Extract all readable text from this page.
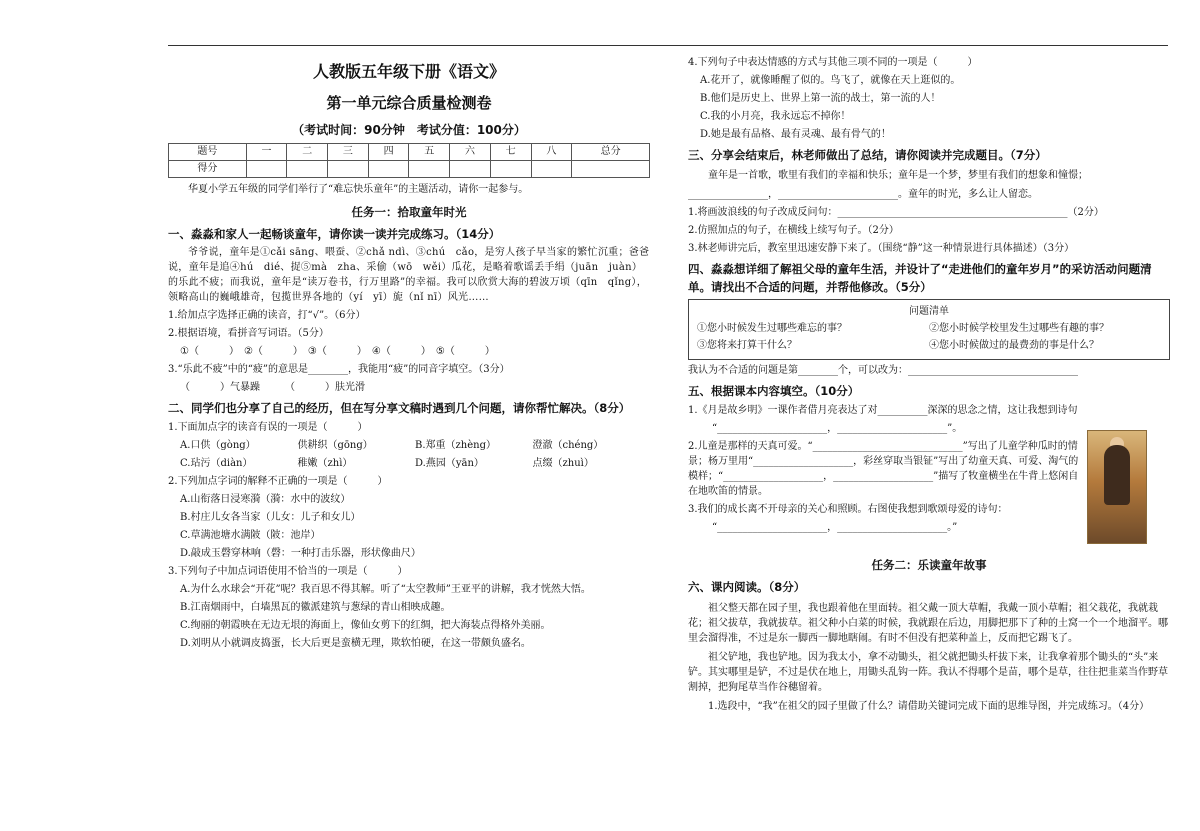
人教版五年级下册《语文》
第一单元综合质量检测卷
（考试时间：90分钟　考试分值：100分）
题号	一	二	三	四	五	六	七	八	总分
得分									
华夏小学五年级的同学们举行了“难忘快乐童年”的主题活动，请你一起参与。
任务一：拾取童年时光
一、淼淼和家人一起畅谈童年，请你读一读并完成练习。（14分）
爷爷说，童年是①cǎi sāng、喂蚕、②chǎ ndì、③chú　cǎo，是穷人孩子早当家的繁忙沉重；爸爸说，童年是追④hú　dié、捉⑤mà　zha、采偷（wō　wěi）瓜花，是略着歌谣丢手绢（juān　juàn）的乐此不疲；而我说，童年是“读万卷书，行万里路”的幸福。我可以欣赏大海的碧波万顷（qīn　qǐng），领略高山的巍峨雄奇，包揽世界各地的（yí　yī）旎（nǐ nī）风光……
1.给加点字选择正确的读音，打“√”。（6分）
2.根据语境，看拼音写词语。（5分）
①（　　　）　②（　　　）　③（　　　）　④（　　　）　⑤（　　　）
3.“乐此不疲”中的“疲”的意思是________，我能用“疲”的同音字填空。（3分）
（　　　）气暴躁　　　（　　　）肤光滑
二、同学们也分享了自己的经历，但在写分享文稿时遇到几个问题，请你帮忙解决。（8分）
1.下面加点字的读音有误的一项是（　　　）
A.口供（gòng）	供耕织（gōng）	B.郑重（zhèng）	澄澈（chéng）
C.玷污（diàn）	稚嫩（zhì）	D.燕园（yān）	点缀（zhuì）
2.下列加点字词的解释不正确的一项是（　　　）
A.山衔落日浸寒漪（漪：水中的波纹）
B.村庄儿女各当家（儿女：儿子和女儿）
C.草满池塘水满陂（陂：池岸）
D.敲成玉磬穿林响（磬：一种打击乐器，形状像曲尺）
3.下列句子中加点词语使用不恰当的一项是（　　　）
A.为什么水球会“开花”呢？我百思不得其解。听了“太空教师”王亚平的讲解，我才恍然大悟。
B.江南烟雨中，白墙黑瓦的徽派建筑与葱绿的青山相映成趣。
C.绚丽的朝霞映在无边无垠的海面上，像仙女剪下的红绸，把大海装点得格外美丽。
D.刘明从小就调皮捣蛋，长大后更是蛮横无理，欺软怕硬，在这一带颇负盛名。
4.下列句子中表达情感的方式与其他三项不同的一项是（　　　）
A.花开了，就像睡醒了似的。鸟飞了，就像在天上逛似的。
B.他们是历史上、世界上第一流的战士，第一流的人！
C.我的小月亮，我永远忘不掉你！
D.她是最有品格、最有灵魂、最有骨气的！
三、分享会结束后，林老师做出了总结，请你阅读并完成题目。（7分）
童年是一首歌，歌里有我们的幸福和快乐；童年是一个梦，梦里有我们的想象和憧憬；
________________，________________________。童年的时光，多么让人留恋。
1.将画波浪线的句子改成反问句：______________________________________________（2分）
2.仿照加点的句子，在横线上续写句子。（2分）
3.林老师讲完后，教室里迅速安静下来了。（围绕“静”这一种情景进行具体描述）（3分）
四、淼淼想详细了解祖父母的童年生活，并设计了“走进他们的童年岁月”的采访活动问题清单。请找出不合适的问题，并帮他修改。（5分）
问题清单
①您小时候发生过哪些难忘的事？	②您小时候学校里发生过哪些有趣的事？
③您将来打算干什么？	④您小时候做过的最费劲的事是什么？
我认为不合适的问题是第________个，可以改为：__________________________________
五、根据课本内容填空。（10分）
1.《月是故乡明》一课作者借月亮表达了对__________深深的思念之情，这让我想到诗句
“______________________，______________________”。
2.儿童是那样的天真可爱。“______________________________”写出了儿童学种瓜时的情景；杨万里用“____________________，彩丝穿取当银钲”写出了幼童天真、可爱、淘气的模样；“____________________，____________________”描写了牧童横坐在牛背上悠闲自在地吹笛的情景。
3.我们的成长离不开母亲的关心和照顾。右图使我想到歌颂母爱的诗句：
“______________________，______________________。”
任务二：乐读童年故事
六、课内阅读。（8分）
祖父整天都在园子里，我也跟着他在里面转。祖父戴一顶大草帽，我戴一顶小草帽；祖父栽花，我就栽花；祖父拔草，我就拔草。祖父种小白菜的时候，我就跟在后边，用脚把那下了种的土窝一个一个地溜平。哪里会溜得准，不过是东一脚西一脚地瞎闹。有时不但没有把菜种盖上，反而把它踢飞了。
祖父铲地，我也铲地。因为我太小，拿不动锄头，祖父就把锄头杆拔下来，让我拿着那个锄头的“头”来铲。其实哪里是铲，不过是伏在地上，用锄头乱钩一阵。我认不得哪个是苗，哪个是草，往往把韭菜当作野草割掉，把狗尾草当作谷穗留着。
1.选段中，“我”在祖父的园子里做了什么？请借助关键词完成下面的思维导图，并完成练习。（4分）
